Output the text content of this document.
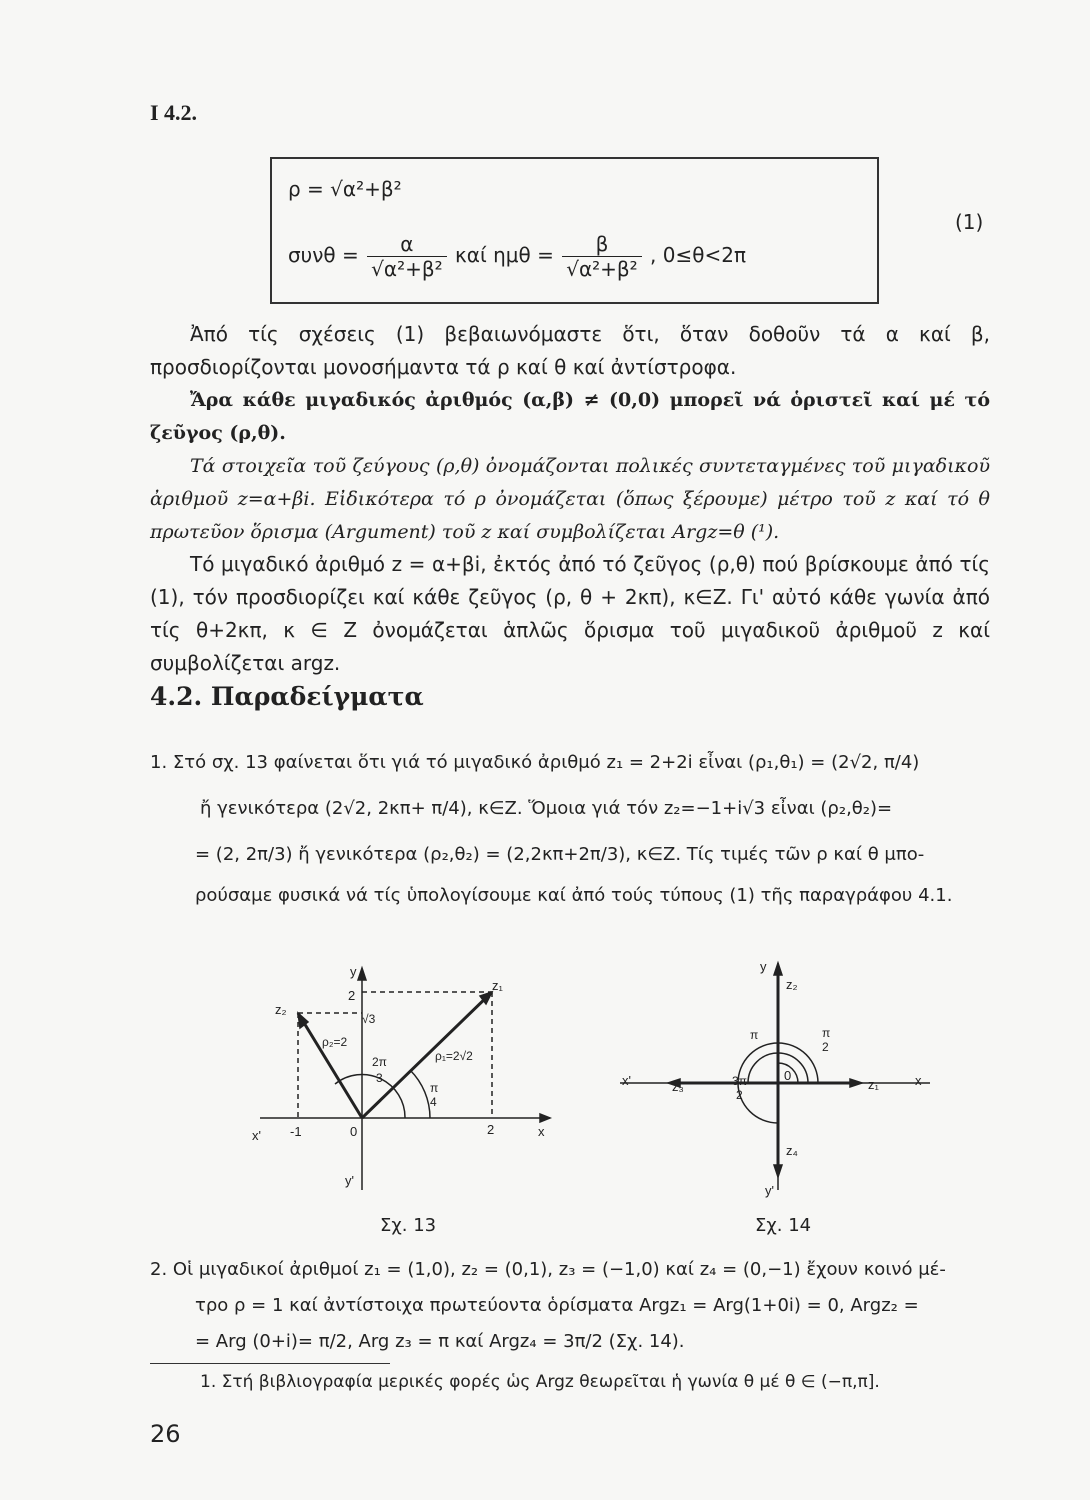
Ι 4.2.
ρ = √α²+β²
$\sigma\upsilon\nu\theta = \frac{\alpha}{\text{√α²+β²}}$ καί $\eta\mu\theta = \frac{\beta}{\text{√α²+β²}}$ , 0≤θ<2π
(1)

Ἀπό τίς σχέσεις (1) βεβαιωνόμαστε ὅτι, ὅταν δοθοῦν τά α καί β, προσδιορίζονται μονοσήμαντα τά ρ καί θ καί ἀντίστροφα.

Ἄρα κάθε μιγαδικός ἀριθμός (α,β) ≠ (0,0) μπορεῖ νά ὁριστεῖ καί μέ τό ζεῦγος (ρ,θ).

Τά στοιχεῖα τοῦ ζεύγους (ρ,θ) ὀνομάζονται πολικές συντεταγμένες τοῦ μιγαδικοῦ ἀριθμοῦ z=α+βi. Εἰδικότερα τό ρ ὀνομάζεται (ὅπως ξέρουμε) μέτρο τοῦ z καί τό θ πρωτεῦον ὅρισμα (Argument) τοῦ z καί συμβολίζεται Argz=θ (¹).

Τό μιγαδικό ἀριθμό z = α+βi, ἐκτός ἀπό τό ζεῦγος (ρ,θ) πού βρίσκουμε ἀπό τίς (1), τόν προσδιορίζει καί κάθε ζεῦγος (ρ, θ + 2κπ), κ∈Z. Γι' αὐτό κάθε γωνία ἀπό τίς θ+2κπ, κ ∈ Z ὀνομάζεται ἁπλῶς ὅρισμα τοῦ μιγαδικοῦ ἀριθμοῦ z καί συμβολίζεται argz.

4.2. Παραδείγματα
1. Στό σχ. 13 φαίνεται ὅτι γιά τό μιγαδικό ἀριθμό z₁ = 2+2i εἶναι (ρ₁,θ₁) = (2√2, π/4)
ἤ γενικότερα (2√2, 2κπ+ π/4), κ∈Z. Ὅμοια γιά τόν z₂=−1+i√3 εἶναι (ρ₂,θ₂)=
= (2, 2π/3) ἤ γενικότερα (ρ₂,θ₂) = (2,2κπ+2π/3), κ∈Z. Τίς τιμές τῶν ρ καί θ μπο-
ρούσαμε φυσικά νά τίς ὑπολογίσουμε καί ἀπό τούς τύπους (1) τῆς παραγράφου 4.1.
y
2
√3
z₂
z₁
ρ₂=2
ρ₁=2√2
2π
3
π
4
x' -1	0	2	x
y'
Σχ. 13
y
z₂
π
2
π
x'	z₃	3π
2
0
z₁	x
z₄
y'
Σχ. 14
2. Οἱ μιγαδικοί ἀριθμοί z₁ = (1,0), z₂ = (0,1), z₃ = (−1,0) καί z₄ = (0,−1) ἔχουν κοινό μέ-
τρο ρ = 1 καί ἀντίστοιχα πρωτεύοντα ὁρίσματα Argz₁ = Arg(1+0i) = 0, Argz₂ =
= Arg (0+i)= π/2, Arg z₃ = π καί Argz₄ = 3π/2 (Σχ. 14).
1. Στή βιβλιογραφία μερικές φορές ὡς Argz θεωρεῖται ἡ γωνία θ μέ θ ∈ (−π,π].
26
